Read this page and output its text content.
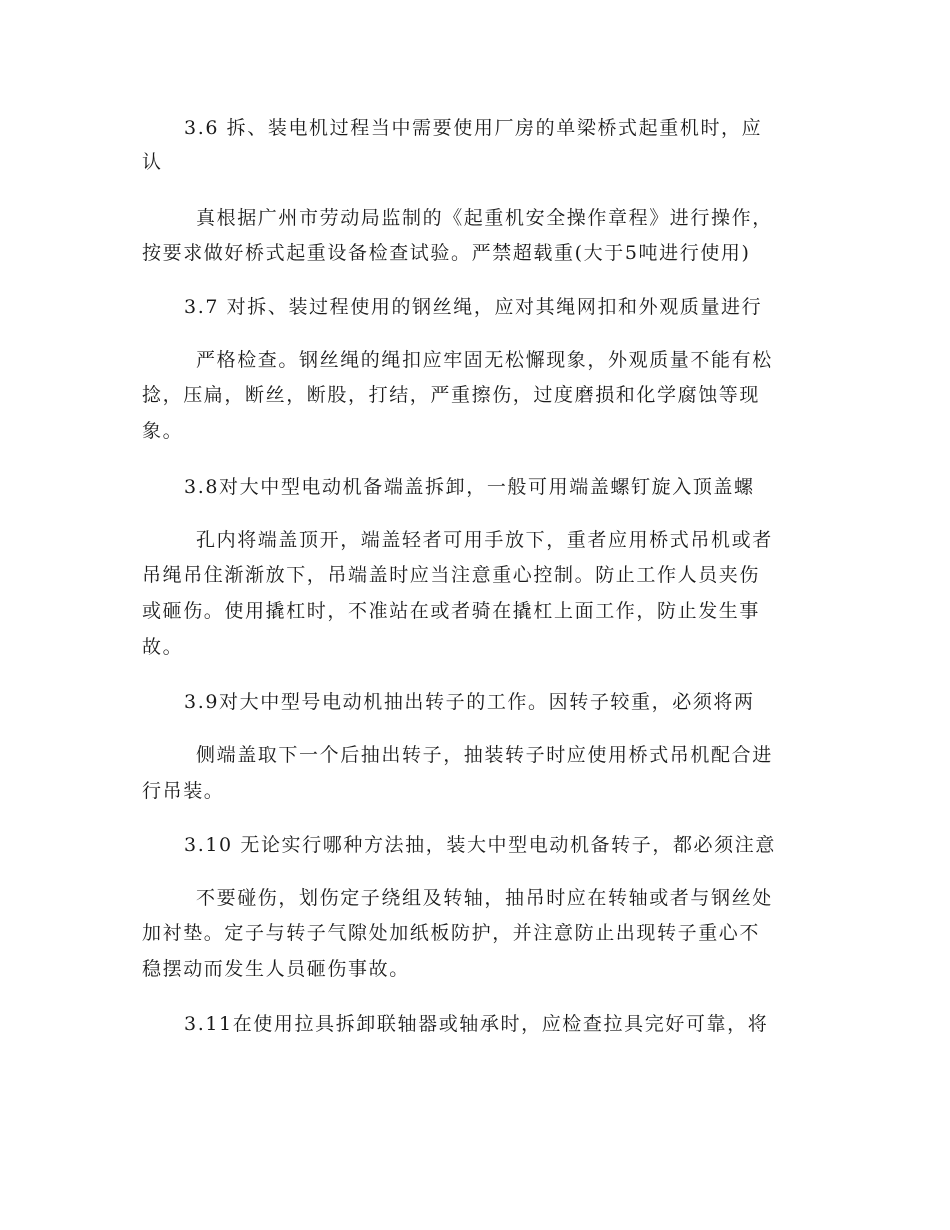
3.6 拆、装电机过程当中需要使用厂房的单梁桥式起重机时，应
认
真根据广州市劳动局监制的《起重机安全操作章程》进行操作，
按要求做好桥式起重设备检查试验。严禁超载重(大于5吨进行使用)
3.7 对拆、装过程使用的钢丝绳，应对其绳网扣和外观质量进行
严格检查。钢丝绳的绳扣应牢固无松懈现象，外观质量不能有松
捻，压扁，断丝，断股，打结，严重擦伤，过度磨损和化学腐蚀等现
象。
3.8对大中型电动机备端盖拆卸，一般可用端盖螺钉旋入顶盖螺
孔内将端盖顶开，端盖轻者可用手放下，重者应用桥式吊机或者
吊绳吊住渐渐放下，吊端盖时应当注意重心控制。防止工作人员夹伤
或砸伤。使用撬杠时，不准站在或者骑在撬杠上面工作，防止发生事
故。
3.9对大中型号电动机抽出转子的工作。因转子较重，必须将两
侧端盖取下一个后抽出转子，抽装转子时应使用桥式吊机配合进
行吊装。
3.10 无论实行哪种方法抽，装大中型电动机备转子，都必须注意
不要碰伤，划伤定子绕组及转轴，抽吊时应在转轴或者与钢丝处
加衬垫。定子与转子气隙处加纸板防护，并注意防止出现转子重心不
稳摆动而发生人员砸伤事故。
3.11在使用拉具拆卸联轴器或轴承时，应检查拉具完好可靠，将
